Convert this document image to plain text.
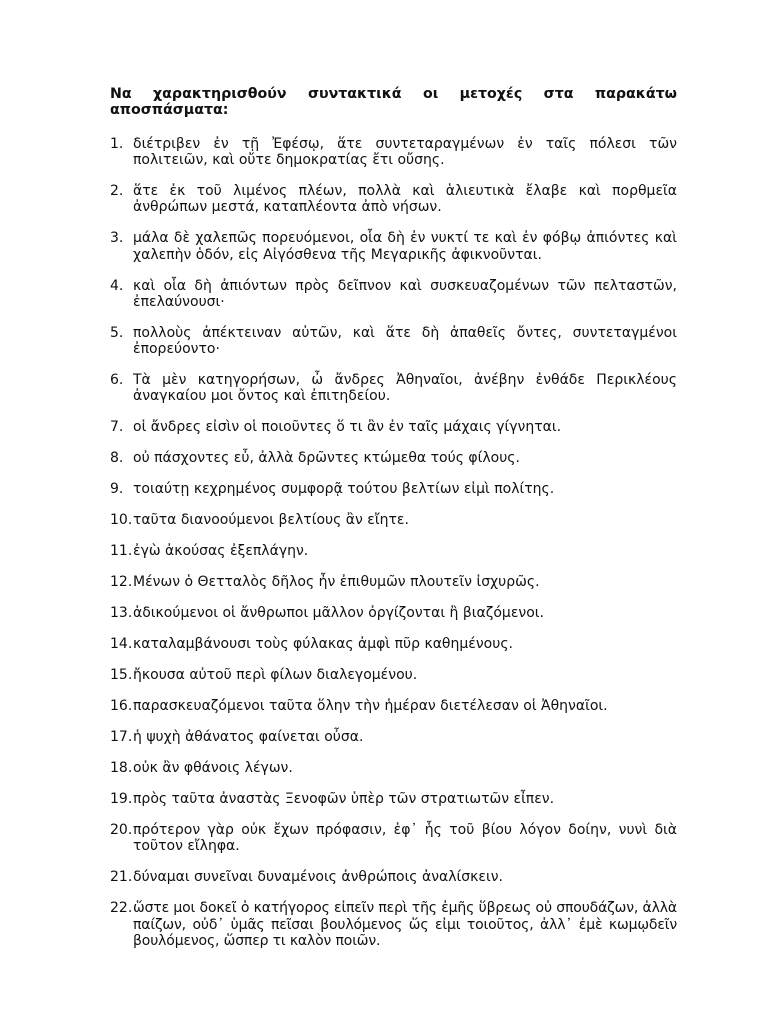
Να χαρακτηρισθούν συντακτικά οι μετοχές στα παρακάτω αποσπάσματα:
1. διέτριβεν ἐν τῇ Ἐφέσῳ, ἅτε συντεταραγμένων ἐν ταῖς πόλεσι τῶν πολιτειῶν, καὶ οὔτε δημοκρατίας ἔτι οὔσης.
2. ἅτε ἐκ τοῦ λιμένος πλέων, πολλὰ καὶ ἁλιευτικὰ ἔλαβε καὶ πορθμεῖα ἀνθρώπων μεστά, καταπλέοντα ἀπὸ νήσων.
3. μάλα δὲ χαλεπῶς πορευόμενοι, οἷα δὴ ἐν νυκτί τε καὶ ἐν φόβῳ ἀπιόντες καὶ χαλεπὴν ὁδόν, εἰς Αἰγόσθενα τῆς Μεγαρικῆς ἀφικνοῦνται.
4. καὶ οἷα δὴ ἀπιόντων πρὸς δεῖπνον καὶ συσκευαζομένων τῶν πελταστῶν, ἐπελαύνουσι·
5. πολλοὺς ἀπέκτειναν αὐτῶν, καὶ ἅτε δὴ ἀπαθεῖς ὄντες, συντεταγμένοι ἐπορεύοντο·
6. Τὰ μὲν κατηγορήσων, ὦ ἄνδρες Ἀθηναῖοι, ἀνέβην ἐνθάδε Περικλέους ἀναγκαίου μοι ὄντος καὶ ἐπιτηδείου.
7. οἱ ἄνδρες εἰσὶν οἱ ποιοῦντες ὅ τι ἂν ἐν ταῖς μάχαις γίγνηται.
8. οὐ πάσχοντες εὖ, ἀλλὰ δρῶντες κτώμεθα τούς φίλους.
9. τοιαύτῃ κεχρημένος συμφορᾷ τούτου βελτίων εἰμὶ πολίτης.
10. ταῦτα διανοούμενοι βελτίους ἂν εἴητε.
11. ἐγὼ ἀκούσας ἐξεπλάγην.
12. Μένων ὁ Θετταλὸς δῆλος ἦν ἐπιθυμῶν πλουτεῖν ἰσχυρῶς.
13. ἀδικούμενοι οἱ ἄνθρωποι μᾶλλον ὀργίζονται ἢ βιαζόμενοι.
14. καταλαμβάνουσι τοὺς φύλακας ἀμφὶ πῦρ καθημένους.
15. ἤκουσα αὐτοῦ περὶ φίλων διαλεγομένου.
16. παρασκευαζόμενοι ταῦτα ὅλην τὴν ἡμέραν διετέλεσαν οἱ Ἀθηναῖοι.
17. ἡ ψυχὴ ἀθάνατος φαίνεται οὖσα.
18. οὐκ ἂν φθάνοις λέγων.
19. πρὸς ταῦτα ἀναστὰς Ξενοφῶν ὑπὲρ τῶν στρατιωτῶν εἶπεν.
20. πρότερον γὰρ οὐκ ἔχων πρόφασιν, ἐφ᾽ ἧς τοῦ βίου λόγον δοίην, νυνὶ διὰ τοῦτον εἴληφα.
21. δύναμαι συνεῖναι δυναμένοις ἀνθρώποις ἀναλίσκειν.
22. ὥστε μοι δοκεῖ ὁ κατήγορος εἰπεῖν περὶ τῆς ἐμῆς ὕβρεως οὐ σπουδάζων, ἀλλὰ παίζων, οὐδ᾽ ὑμᾶς πεῖσαι βουλόμενος ὥς εἰμι τοιοῦτος, ἀλλ᾽ ἐμὲ κωμῳδεῖν βουλόμενος, ὥσπερ τι καλὸν ποιῶν.
